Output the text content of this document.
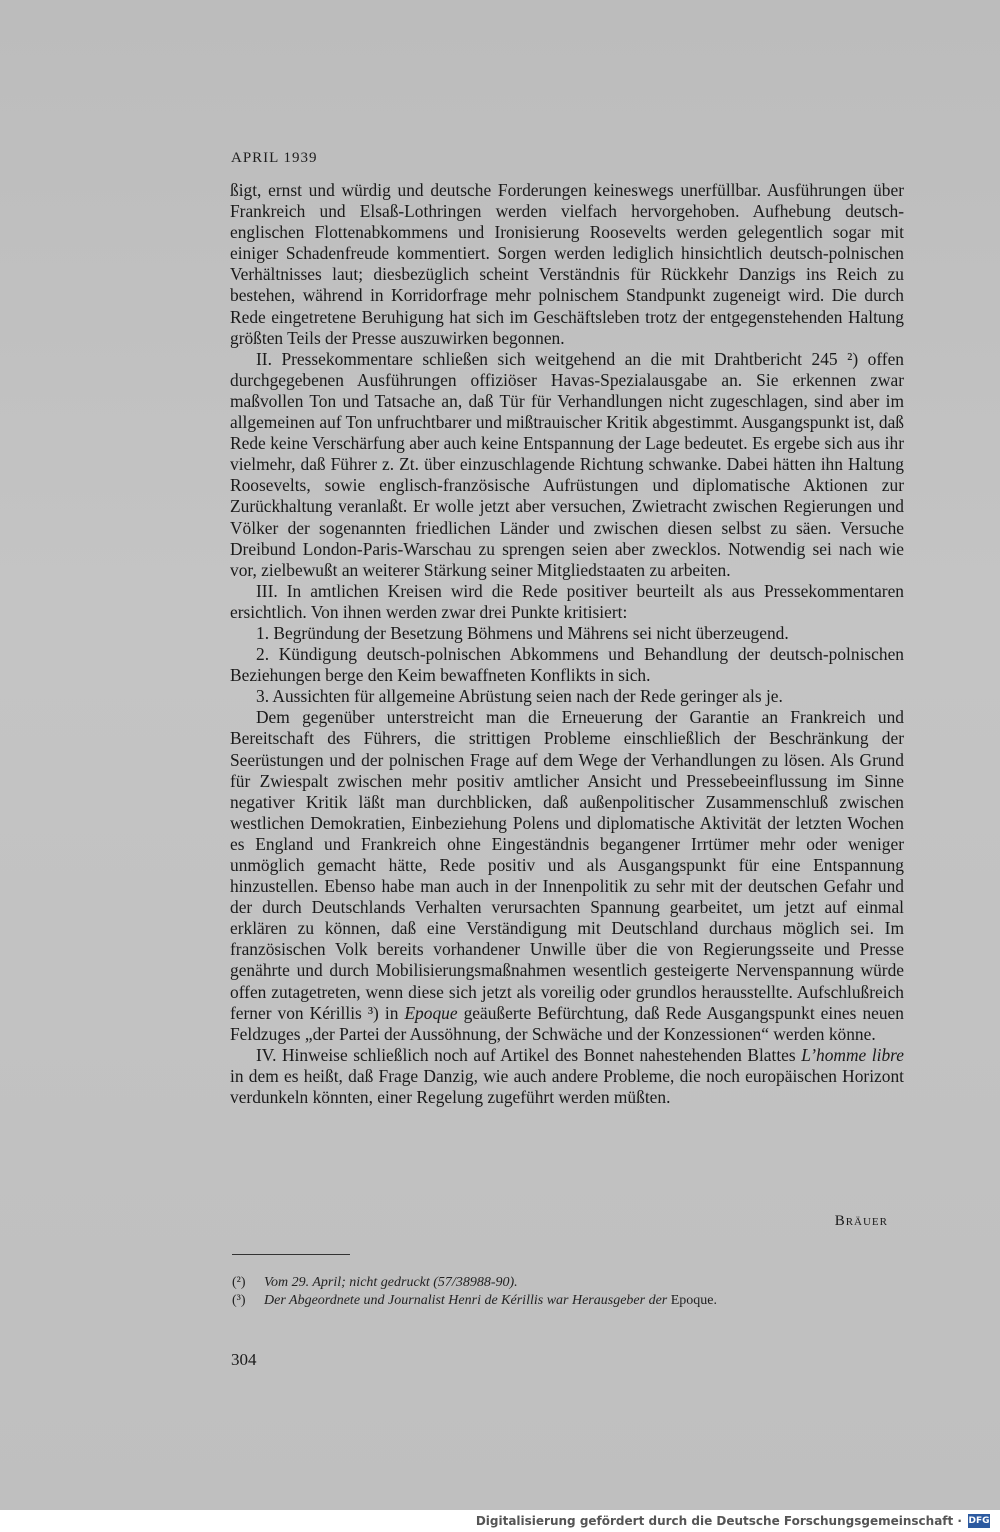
APRIL 1939

ßigt, ernst und würdig und deutsche Forderungen keineswegs unerfüllbar. Ausführungen über Frankreich und Elsaß-Lothringen werden vielfach hervorgehoben. Aufhebung deutsch-englischen Flottenabkommens und Ironisierung Roosevelts werden gelegentlich sogar mit einiger Schadenfreude kommentiert. Sorgen werden lediglich hinsichtlich deutsch-polnischen Verhältnisses laut; diesbezüglich scheint Verständnis für Rückkehr Danzigs ins Reich zu bestehen, während in Korridorfrage mehr polnischem Standpunkt zugeneigt wird. Die durch Rede eingetretene Beruhigung hat sich im Geschäftsleben trotz der entgegenstehenden Haltung größten Teils der Presse auszuwirken begonnen.

II. Pressekommentare schließen sich weitgehend an die mit Drahtbericht 245 ²) offen durchgegebenen Ausführungen offiziöser Havas-Spezialausgabe an. Sie erkennen zwar maßvollen Ton und Tatsache an, daß Tür für Verhandlungen nicht zugeschlagen, sind aber im allgemeinen auf Ton unfruchtbarer und mißtrauischer Kritik abgestimmt. Ausgangspunkt ist, daß Rede keine Verschärfung aber auch keine Entspannung der Lage bedeutet. Es ergebe sich aus ihr vielmehr, daß Führer z. Zt. über einzuschlagende Richtung schwanke. Dabei hätten ihn Haltung Roosevelts, sowie englisch-französische Aufrüstungen und diplomatische Aktionen zur Zurückhaltung veranlaßt. Er wolle jetzt aber versuchen, Zwietracht zwischen Regierungen und Völker der sogenannten friedlichen Länder und zwischen diesen selbst zu säen. Versuche Dreibund London-Paris-Warschau zu sprengen seien aber zwecklos. Notwendig sei nach wie vor, zielbewußt an weiterer Stärkung seiner Mitgliedstaaten zu arbeiten.

III. In amtlichen Kreisen wird die Rede positiver beurteilt als aus Pressekommentaren ersichtlich. Von ihnen werden zwar drei Punkte kritisiert:

1. Begründung der Besetzung Böhmens und Mährens sei nicht überzeugend.

2. Kündigung deutsch-polnischen Abkommens und Behandlung der deutsch-polnischen Beziehungen berge den Keim bewaffneten Konflikts in sich.

3. Aussichten für allgemeine Abrüstung seien nach der Rede geringer als je.

Dem gegenüber unterstreicht man die Erneuerung der Garantie an Frankreich und Bereitschaft des Führers, die strittigen Probleme einschließlich der Beschränkung der Seerüstungen und der polnischen Frage auf dem Wege der Verhandlungen zu lösen. Als Grund für Zwiespalt zwischen mehr positiv amtlicher Ansicht und Pressebeeinflussung im Sinne negativer Kritik läßt man durchblicken, daß außenpolitischer Zusammenschluß zwischen westlichen Demokratien, Einbeziehung Polens und diplomatische Aktivität der letzten Wochen es England und Frankreich ohne Eingeständnis begangener Irrtümer mehr oder weniger unmöglich gemacht hätte, Rede positiv und als Ausgangspunkt für eine Entspannung hinzustellen. Ebenso habe man auch in der Innenpolitik zu sehr mit der deutschen Gefahr und der durch Deutschlands Verhalten verursachten Spannung gearbeitet, um jetzt auf einmal erklären zu können, daß eine Verständigung mit Deutschland durchaus möglich sei. Im französischen Volk bereits vorhandener Unwille über die von Regierungsseite und Presse genährte und durch Mobilisierungsmaßnahmen wesentlich gesteigerte Nervenspannung würde offen zutagetreten, wenn diese sich jetzt als voreilig oder grundlos herausstellte. Aufschlußreich ferner von Kérillis ³) in Epoque geäußerte Befürchtung, daß Rede Ausgangspunkt eines neuen Feldzuges „der Partei der Aussöhnung, der Schwäche und der Konzessionen“ werden könne.

IV. Hinweise schließlich noch auf Artikel des Bonnet nahestehenden Blattes L’homme libre in dem es heißt, daß Frage Danzig, wie auch andere Probleme, die noch europäischen Horizont verdunkeln könnten, einer Regelung zugeführt werden müßten.

Bräuer
(²)	Vom 29. April; nicht gedruckt (57/38988-90).
(³)	Der Abgeordnete und Journalist Henri de Kérillis war Herausgeber der Epoque.
304
Digitalisierung gefördert durch die Deutsche Forschungsgemeinschaft · DFG
